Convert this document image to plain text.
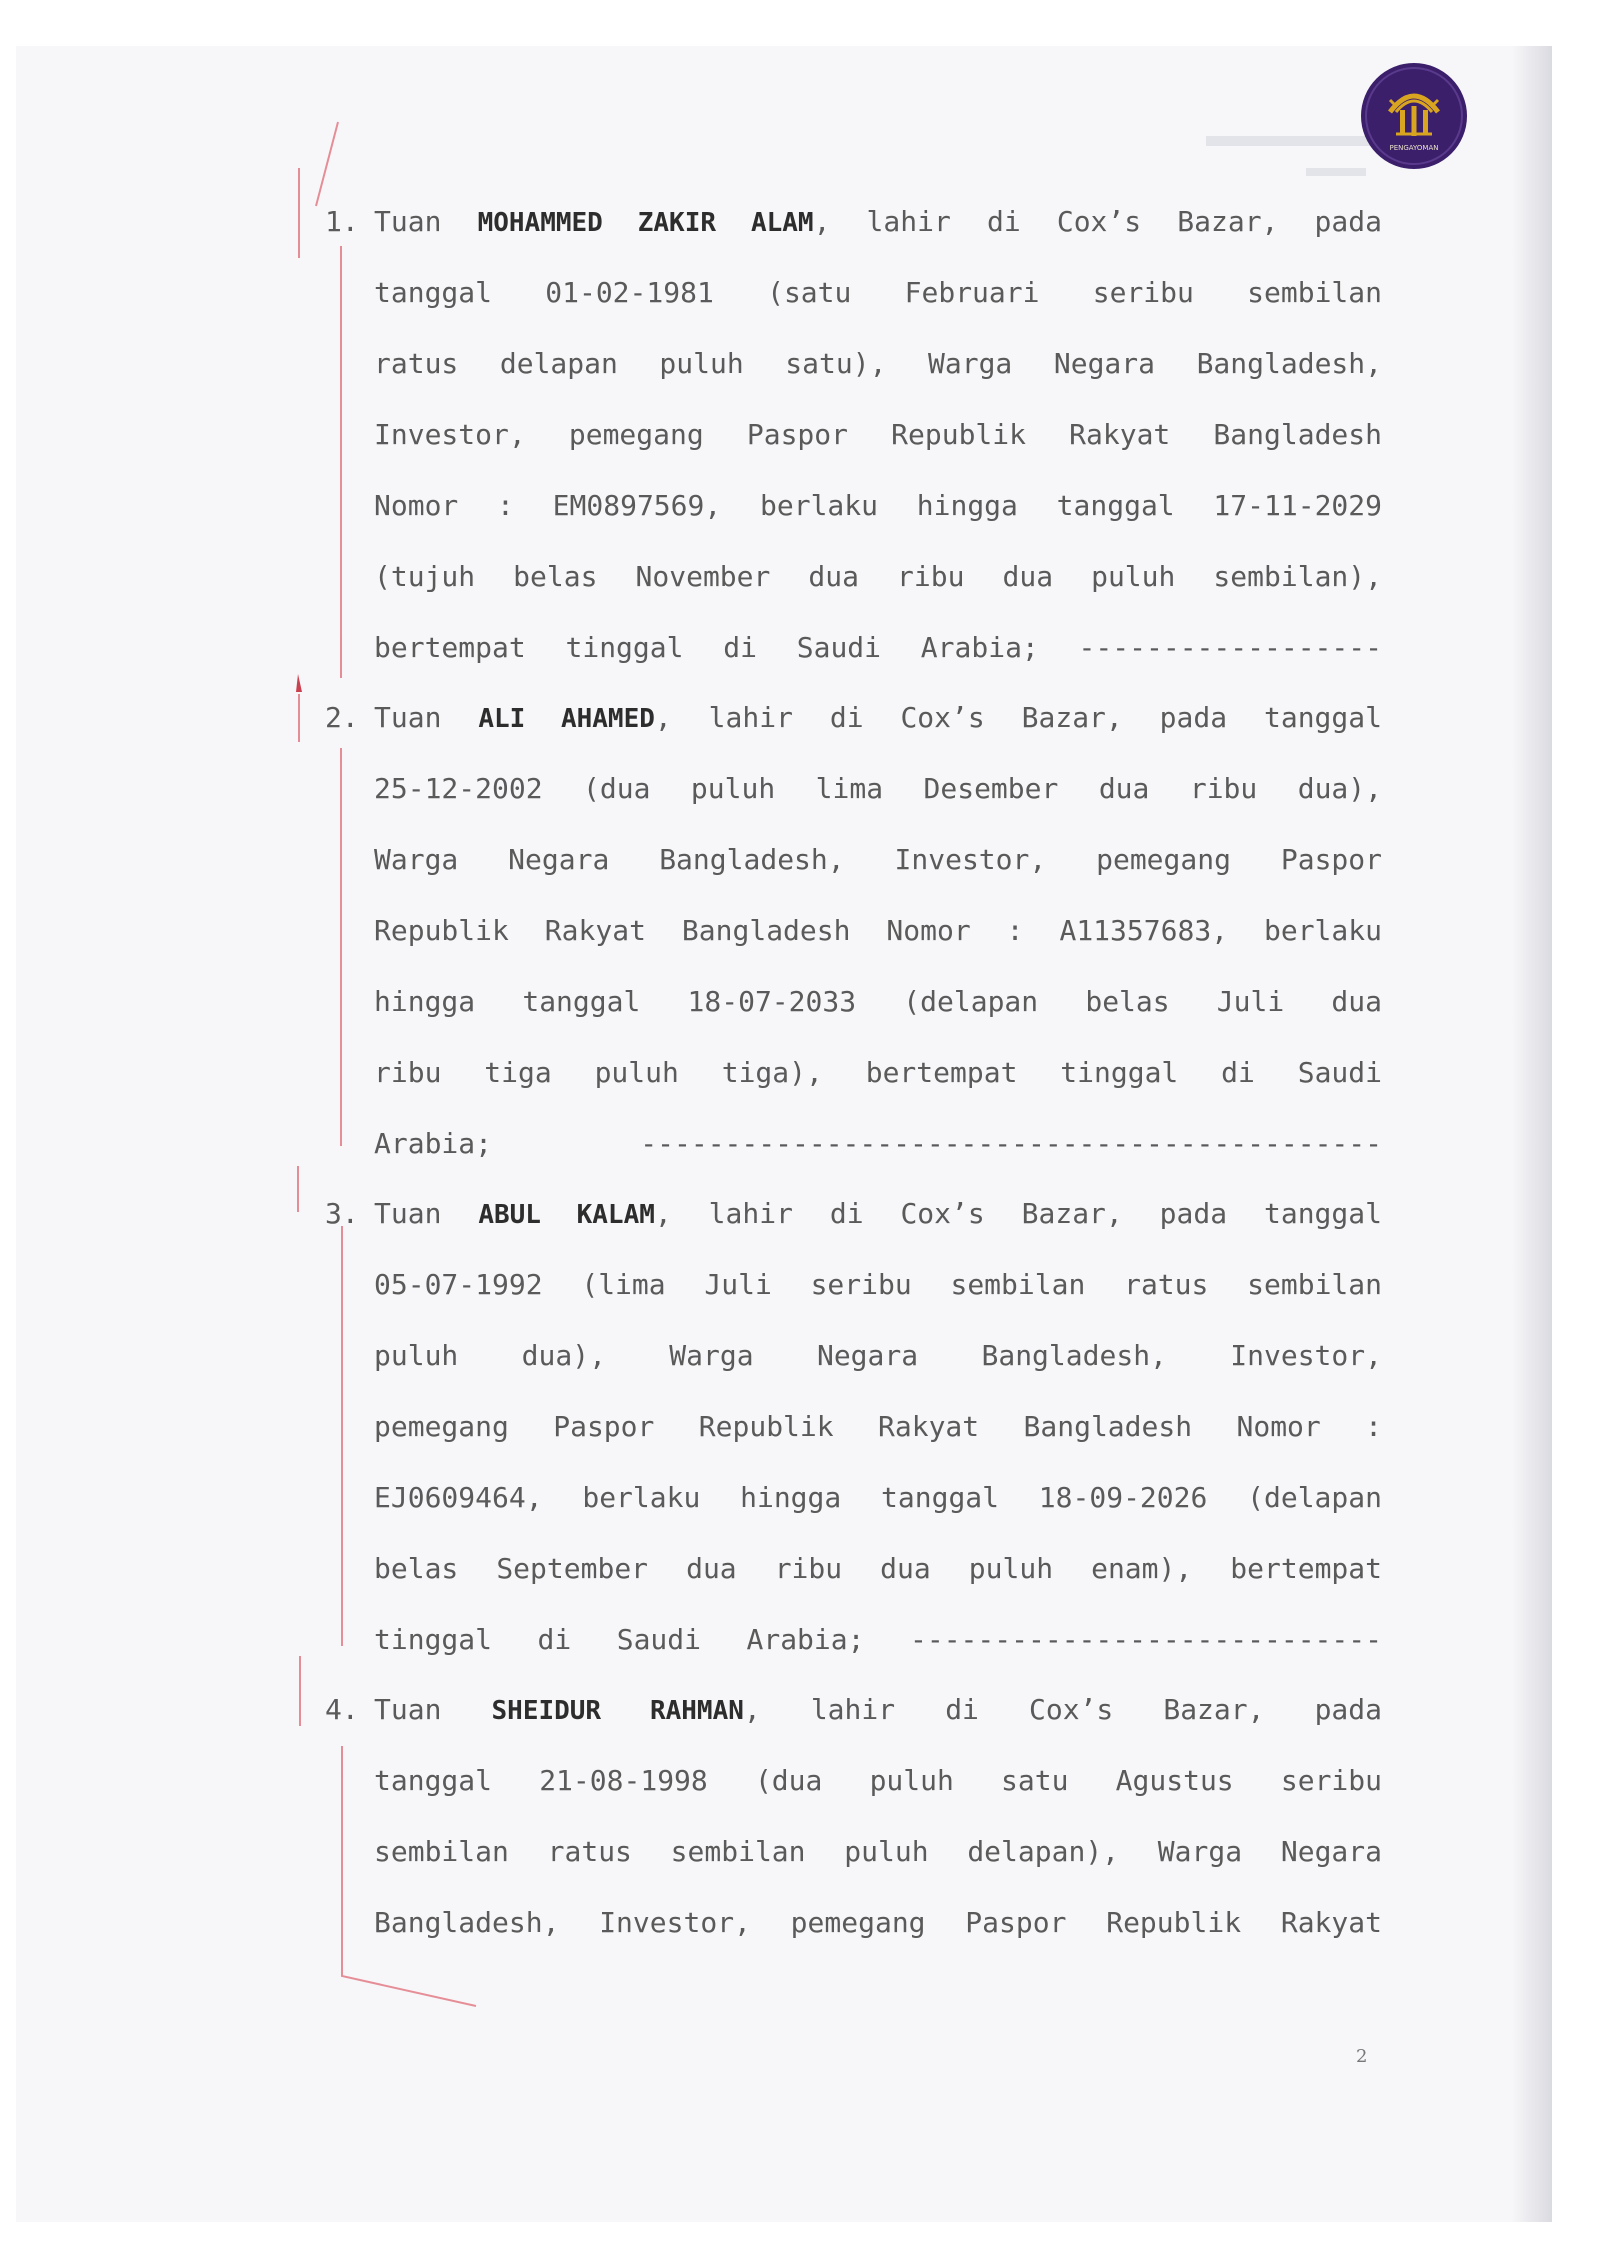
PENGAYOMAN
1. Tuan MOHAMMED ZAKIR ALAM, lahir di Cox’s Bazar, pada
tanggal 01-02-1981 (satu Februari seribu sembilan
ratus delapan puluh satu), Warga Negara Bangladesh,
Investor, pemegang Paspor Republik Rakyat Bangladesh
Nomor : EM0897569, berlaku hingga tanggal 17-11-2029
(tujuh belas November dua ribu dua puluh sembilan),
bertempat tinggal di Saudi Arabia; ------------------
2. Tuan ALI AHAMED, lahir di Cox’s Bazar, pada tanggal
25-12-2002 (dua puluh lima Desember dua ribu dua),
Warga Negara Bangladesh, Investor, pemegang Paspor
Republik Rakyat Bangladesh Nomor : A11357683, berlaku
hingga tanggal 18-07-2033 (delapan belas Juli dua
ribu tiga puluh tiga), bertempat tinggal di Saudi
Arabia; --------------------------------------------
3. Tuan ABUL KALAM, lahir di Cox’s Bazar, pada tanggal
05-07-1992 (lima Juli seribu sembilan ratus sembilan
puluh dua), Warga Negara Bangladesh, Investor,
pemegang Paspor Republik Rakyat Bangladesh Nomor :
EJ0609464, berlaku hingga tanggal 18-09-2026 (delapan
belas September dua ribu dua puluh enam), bertempat
tinggal di Saudi Arabia; ----------------------------
4. Tuan SHEIDUR RAHMAN, lahir di Cox’s Bazar, pada
tanggal 21-08-1998 (dua puluh satu Agustus seribu
sembilan ratus sembilan puluh delapan), Warga Negara
Bangladesh, Investor, pemegang Paspor Republik Rakyat
2
